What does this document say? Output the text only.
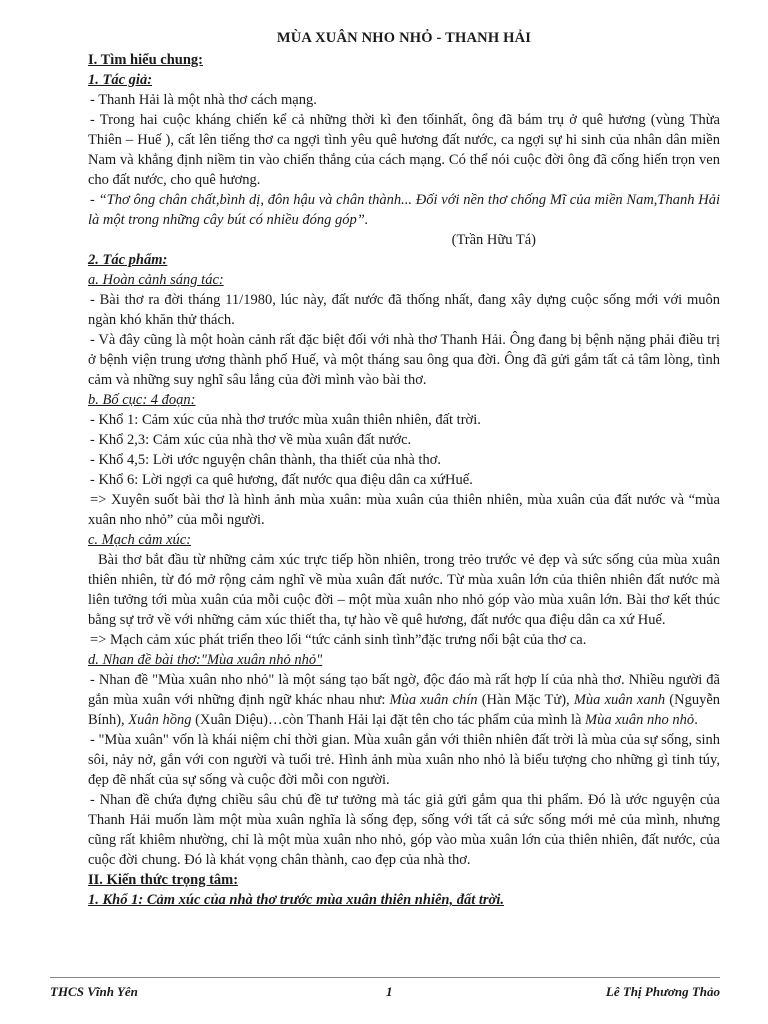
MÙA XUÂN NHO NHỎ - THANH HẢI

I. Tìm hiểu chung:

1. Tác giả:

- Thanh Hải là một nhà thơ cách mạng.

- Trong hai cuộc kháng chiến kể cả những thời kì đen tốinhất, ông đã bám trụ ở quê hương (vùng Thừa Thiên – Huế ), cất lên tiếng thơ ca ngợi tình yêu quê hương đất nước, ca ngợi sự hi sinh của nhân dân miền Nam và khẳng định niềm tin vào chiến thắng của cách mạng. Có thể nói cuộc đời ông đã cống hiến trọn ven cho đất nước, cho quê hương.

- “Thơ ông chân chất,bình dị, đôn hậu và chân thành... Đối với nền thơ chống Mĩ của miền Nam,Thanh Hải là một trong những cây bút có nhiều đóng góp”.

(Trần Hữu Tá)

2. Tác phẩm:

a. Hoàn cảnh sáng tác:

- Bài thơ ra đời tháng 11/1980, lúc này, đất nước đã thống nhất, đang xây dựng cuộc sống mới với muôn ngàn khó khăn thử thách.

- Và đây cũng là một hoàn cảnh rất đặc biệt đối với nhà thơ Thanh Hải. Ông đang bị bệnh nặng phải điều trị ở bệnh viện trung ương thành phố Huế, và một tháng sau ông qua đời. Ông đã gửi gắm tất cả tâm lòng, tình cảm và những suy nghĩ sâu lắng của đời mình vào bài thơ.

b. Bố cục: 4 đoạn:

- Khổ 1: Cảm xúc của nhà thơ trước mùa xuân thiên nhiên, đất trời.

- Khổ 2,3: Cảm xúc của nhà thơ về mùa xuân đất nước.

- Khổ 4,5: Lời ước nguyện chân thành, tha thiết của nhà thơ.

- Khổ 6: Lời ngợi ca quê hương, đất nước qua điệu dân ca xứHuế.

=> Xuyên suốt bài thơ là hình ảnh mùa xuân: mùa xuân của thiên nhiên, mùa xuân của đất nước và “mùa xuân nho nhỏ” của mỗi người.

c. Mạch cảm xúc:

Bài thơ bắt đầu từ những cảm xúc trực tiếp hồn nhiên, trong trẻo trước vẻ đẹp và sức sống của mùa xuân thiên nhiên, từ đó mở rộng cảm nghĩ về mùa xuân đất nước. Từ mùa xuân lớn của thiên nhiên đất nước mà liên tưởng tới mùa xuân của mỗi cuộc đời – một mùa xuân nho nhỏ góp vào mùa xuân lớn. Bài thơ kết thúc bằng sự trở về với những cảm xúc thiết tha, tự hào về quê hương, đất nước qua điệu dân ca xứ Huế.

=> Mạch cảm xúc phát triển theo lối “tức cảnh sinh tình”đặc trưng nổi bật của thơ ca.

d. Nhan đề bài thơ:"Mùa xuân nhỏ nhỏ"

- Nhan đề "Mùa xuân nho nhỏ" là một sáng tạo bất ngờ, độc đáo mà rất hợp lí của nhà thơ. Nhiều người đã gắn mùa xuân với những định ngữ khác nhau như: Mùa xuân chín (Hàn Mặc Tử), Mùa xuân xanh (Nguyễn Bính), Xuân hồng (Xuân Diệu)…còn Thanh Hải lại đặt tên cho tác phẩm của mình là Mùa xuân nho nhỏ.

- "Mùa xuân" vốn là khái niệm chỉ thời gian. Mùa xuân gắn với thiên nhiên đất trời là mùa của sự sống, sinh sôi, nảy nở, gắn với con người và tuổi trẻ. Hình ảnh mùa xuân nho nhỏ là biểu tượng cho những gì tinh túy, đẹp đẽ nhất của sự sống và cuộc đời mỗi con người.

- Nhan đề chứa đựng chiều sâu chủ đề tư tưởng mà tác giả gửi gắm qua thi phẩm. Đó là ước nguyện của Thanh Hải muốn làm một mùa xuân nghĩa là sống đẹp, sống với tất cả sức sống mới mẻ của mình, nhưng cũng rất khiêm nhường, chỉ là một mùa xuân nho nhỏ, góp vào mùa xuân lớn của thiên nhiên, đất nước, của cuộc đời chung. Đó là khát vọng chân thành, cao đẹp của nhà thơ.

II. Kiến thức trọng tâm:

1. Khổ 1: Cảm xúc của nhà thơ trước mùa xuân thiên nhiên, đất trời.

THCS Vĩnh Yên	1	Lê Thị Phương Thảo
